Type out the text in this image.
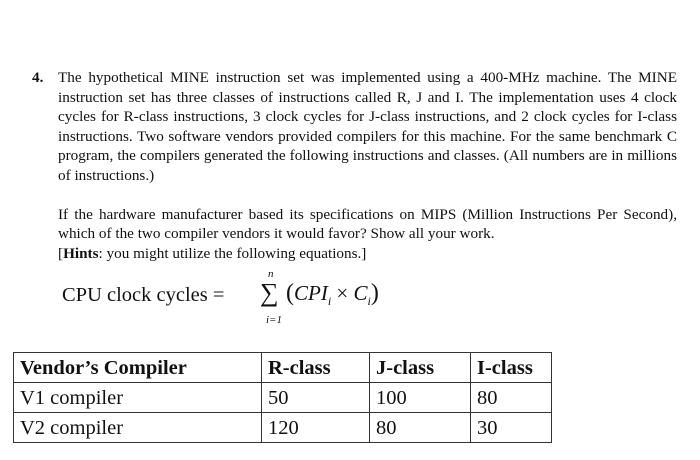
4. The hypothetical MINE instruction set was implemented using a 400-MHz machine. The MINE instruction set has three classes of instructions called R, J and I. The implementation uses 4 clock cycles for R-class instructions, 3 clock cycles for J-class instructions, and 2 clock cycles for I-class instructions. Two software vendors provided compilers for this machine. For the same benchmark C program, the compilers generated the following instructions and classes. (All numbers are in millions of instructions.)
If the hardware manufacturer based its specifications on MIPS (Million Instructions Per Second), which of the two compiler vendors it would favor? Show all your work.
[Hints: you might utilize the following equations.]
CPU clock cycles =
n
∑
i=1
$(CPI_i \times C_i)$
Vendor’s Compiler	R-class	J-class	I-class
V1 compiler	50	100	80
V2 compiler	120	80	30
